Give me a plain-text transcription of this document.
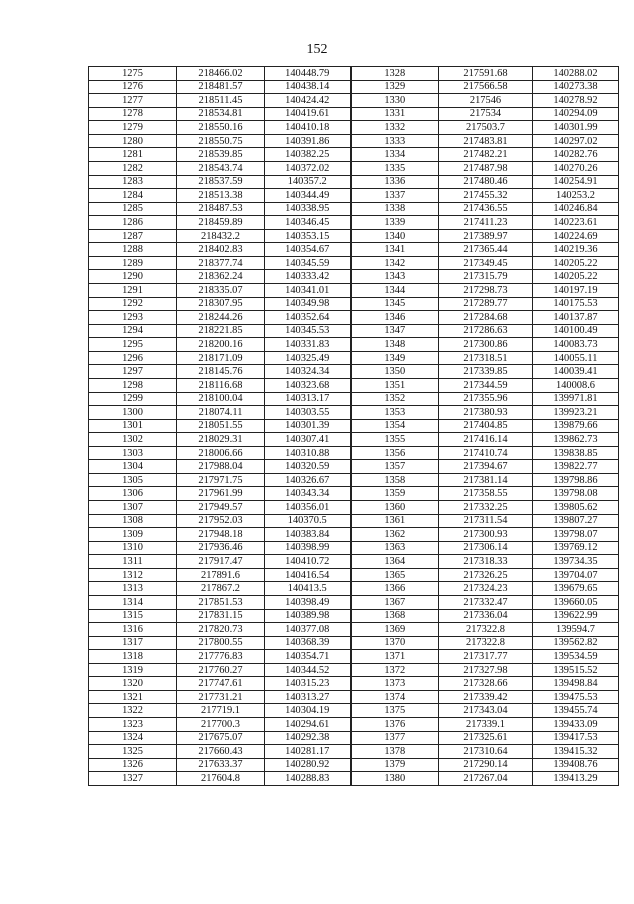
152
1275	218466.02	140448.79	1328	217591.68	140288.02
1276	218481.57	140438.14	1329	217566.58	140273.38
1277	218511.45	140424.42	1330	217546	140278.92
1278	218534.81	140419.61	1331	217534	140294.09
1279	218550.16	140410.18	1332	217503.7	140301.99
1280	218550.75	140391.86	1333	217483.81	140297.02
1281	218539.85	140382.25	1334	217482.21	140282.76
1282	218543.74	140372.02	1335	217487.98	140270.26
1283	218537.59	140357.2	1336	217480.46	140254.91
1284	218513.38	140344.49	1337	217455.32	140253.2
1285	218487.53	140338.95	1338	217436.55	140246.84
1286	218459.89	140346.45	1339	217411.23	140223.61
1287	218432.2	140353.15	1340	217389.97	140224.69
1288	218402.83	140354.67	1341	217365.44	140219.36
1289	218377.74	140345.59	1342	217349.45	140205.22
1290	218362.24	140333.42	1343	217315.79	140205.22
1291	218335.07	140341.01	1344	217298.73	140197.19
1292	218307.95	140349.98	1345	217289.77	140175.53
1293	218244.26	140352.64	1346	217284.68	140137.87
1294	218221.85	140345.53	1347	217286.63	140100.49
1295	218200.16	140331.83	1348	217300.86	140083.73
1296	218171.09	140325.49	1349	217318.51	140055.11
1297	218145.76	140324.34	1350	217339.85	140039.41
1298	218116.68	140323.68	1351	217344.59	140008.6
1299	218100.04	140313.17	1352	217355.96	139971.81
1300	218074.11	140303.55	1353	217380.93	139923.21
1301	218051.55	140301.39	1354	217404.85	139879.66
1302	218029.31	140307.41	1355	217416.14	139862.73
1303	218006.66	140310.88	1356	217410.74	139838.85
1304	217988.04	140320.59	1357	217394.67	139822.77
1305	217971.75	140326.67	1358	217381.14	139798.86
1306	217961.99	140343.34	1359	217358.55	139798.08
1307	217949.57	140356.01	1360	217332.25	139805.62
1308	217952.03	140370.5	1361	217311.54	139807.27
1309	217948.18	140383.84	1362	217300.93	139798.07
1310	217936.46	140398.99	1363	217306.14	139769.12
1311	217917.47	140410.72	1364	217318.33	139734.35
1312	217891.6	140416.54	1365	217326.25	139704.07
1313	217867.2	140413.5	1366	217324.23	139679.65
1314	217851.53	140398.49	1367	217332.47	139660.05
1315	217831.15	140389.98	1368	217336.04	139622.99
1316	217820.73	140377.08	1369	217322.8	139594.7
1317	217800.55	140368.39	1370	217322.8	139562.82
1318	217776.83	140354.71	1371	217317.77	139534.59
1319	217760.27	140344.52	1372	217327.98	139515.52
1320	217747.61	140315.23	1373	217328.66	139498.84
1321	217731.21	140313.27	1374	217339.42	139475.53
1322	217719.1	140304.19	1375	217343.04	139455.74
1323	217700.3	140294.61	1376	217339.1	139433.09
1324	217675.07	140292.38	1377	217325.61	139417.53
1325	217660.43	140281.17	1378	217310.64	139415.32
1326	217633.37	140280.92	1379	217290.14	139408.76
1327	217604.8	140288.83	1380	217267.04	139413.29
